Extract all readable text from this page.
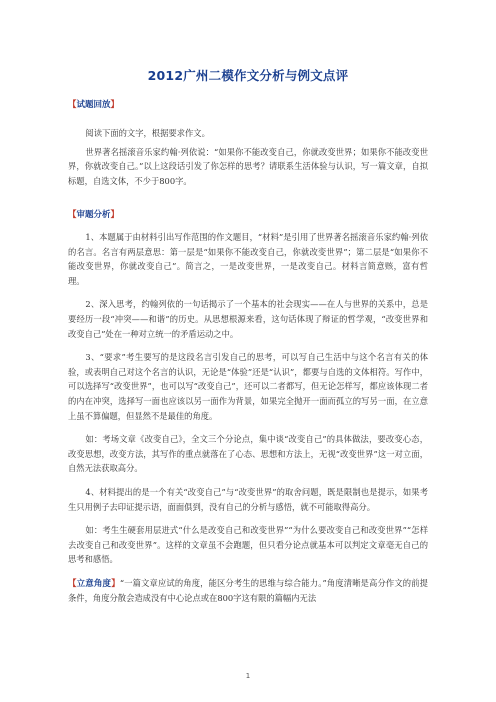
2012广州二模作文分析与例文点评
【试题回放】

阅读下面的文字，根据要求作文。

世界著名摇滚音乐家约翰·列依说：“如果你不能改变自己，你就改变世界；如果你不能改变世界，你就改变自己。”以上这段话引发了你怎样的思考？请联系生活体验与认识，写一篇文章，自拟标题，自选文体，不少于800字。

【审题分析】

1、本题属于由材料引出写作范围的作文题目，“材料”是引用了世界著名摇滚音乐家约翰·列依的名言。名言有两层意思：第一层是“如果你不能改变自己，你就改变世界”；第二层是“如果你不能改变世界，你就改变自己”。简言之，一是改变世界，一是改变自己。材料言简意赅，富有哲理。

2、深入思考，约翰列依的一句话揭示了一个基本的社会现实——在人与世界的关系中，总是要经历一段“冲突——和谐”的历史。从思想根源来看，这句话体现了辩证的哲学观，“改变世界和改变自己”处在一种对立统一的矛盾运动之中。

3、“要求”考生要写的是这段名言引发自己的思考，可以写自己生活中与这个名言有关的体验，或表明自己对这个名言的认识，无论是“体验”还是“认识”，都要与自选的文体相符。写作中，可以选择写“改变世界”，也可以写“改变自己”，还可以二者都写，但无论怎样写，都应该体现二者的内在冲突，选择写一面也应该以另一面作为背景，如果完全抛开一面而孤立的写另一面，在立意上虽不算偏题，但显然不是最佳的角度。

如：考场文章《改变自己》，全文三个分论点，集中谈“改变自己”的具体做法，要改变心态，改变思想，改变方法，其写作的重点就落在了心态、思想和方法上，无视“改变世界”这一对立面，自然无法获取高分。

4、材料提出的是一个有关“改变自己”与“改变世界”的取舍问题，既是限制也是提示，如果考生只用例子去印证提示语，面面俱到，没有自己的分析与感悟，就不可能取得高分。

如：考生生硬套用层进式“什么是改变自己和改变世界”“为什么要改变自己和改变世界”“怎样去改变自己和改变世界”。这样的文章虽不会跑题，但只看分论点就基本可以判定文章毫无自己的思考和感悟。

【立意角度】“一篇文章应试的角度，能区分考生的思维与综合能力。”角度清晰是高分作文的前提条件，角度分散会造成没有中心论点或在800字这有限的篇幅内无法

1
